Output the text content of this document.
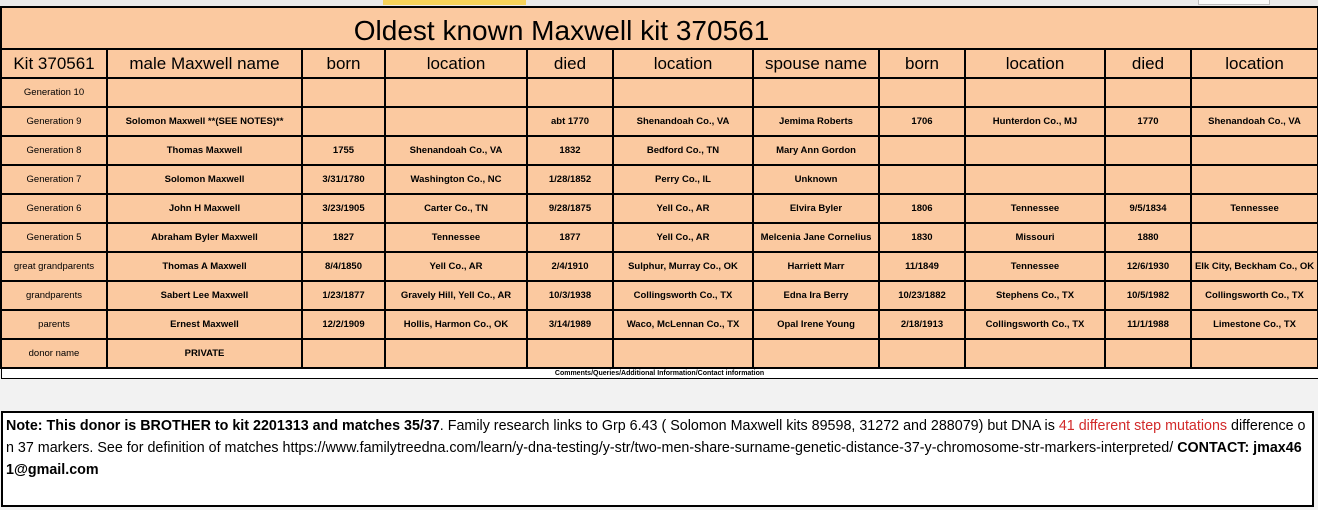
Oldest known Maxwell kit 370561										
Kit 370561	male Maxwell name	born	location	died	location	spouse name	born	location	died	location
Generation 10										
Generation 9	Solomon Maxwell **(SEE NOTES)**			abt 1770	Shenandoah Co., VA	Jemima Roberts	1706	Hunterdon Co., MJ	1770	Shenandoah Co., VA
Generation 8	Thomas Maxwell	1755	Shenandoah Co., VA	1832	Bedford Co., TN	Mary Ann Gordon				
Generation 7	Solomon Maxwell	3/31/1780	Washington Co., NC	1/28/1852	Perry Co., IL	Unknown				
Generation 6	John H Maxwell	3/23/1905	Carter Co., TN	9/28/1875	Yell Co., AR	Elvira Byler	1806	Tennessee	9/5/1834	Tennessee
Generation 5	Abraham Byler Maxwell	1827	Tennessee	1877	Yell Co., AR	Melcenia Jane Cornelius	1830	Missouri	1880	
great grandparents	Thomas A Maxwell	8/4/1850	Yell Co., AR	2/4/1910	Sulphur, Murray Co., OK	Harriett Marr	11/1849	Tennessee	12/6/1930	Elk City, Beckham Co., OK
grandparents	Sabert Lee Maxwell	1/23/1877	Gravely Hill, Yell Co., AR	10/3/1938	Collingsworth Co., TX	Edna Ira Berry	10/23/1882	Stephens Co., TX	10/5/1982	Collingsworth Co., TX
parents	Ernest Maxwell	12/2/1909	Hollis, Harmon Co., OK	3/14/1989	Waco, McLennan Co., TX	Opal Irene Young	2/18/1913	Collingsworth Co., TX	11/1/1988	Limestone Co., TX
donor name	PRIVATE									
Comments/Queries/Additional Information/Contact information										
Note: This donor is BROTHER to kit 2201313 and matches 35/37. Family research links to Grp 6.43 ( Solomon Maxwell kits 89598, 31272 and 288079) but DNA is 41 different step mutations difference on 37 markers. See for definition of matches https://www.familytreedna.com/learn/y-dna-testing/y-str/two-men-share-surname-genetic-distance-37-y-chromosome-str-markers-interpreted/ CONTACT: jmax461@gmail.com
